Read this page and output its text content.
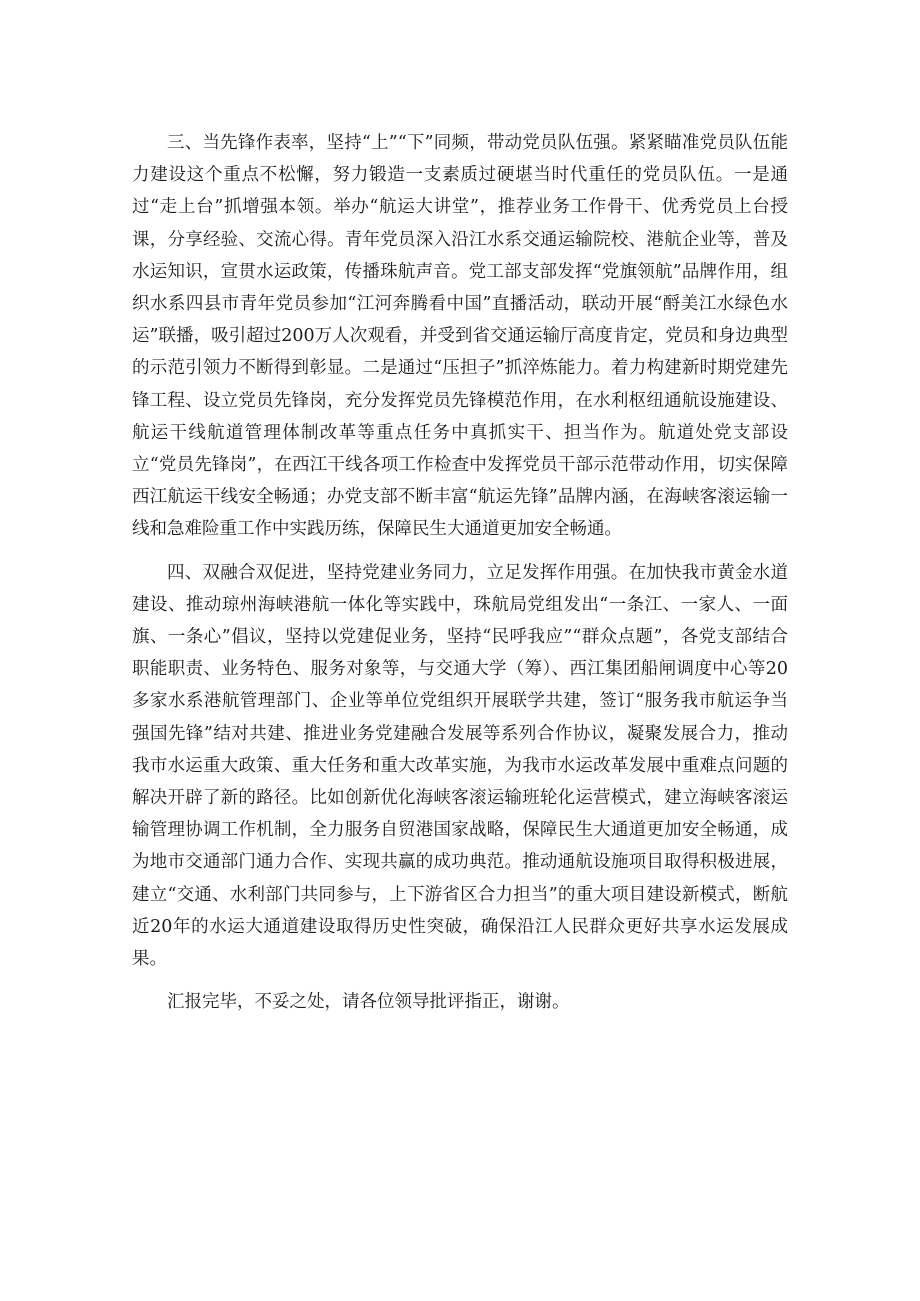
三、当先锋作表率，坚持“上”“下”同频，带动党员队伍强。紧紧瞄准党员队伍能力建设这个重点不松懈，努力锻造一支素质过硬堪当时代重任的党员队伍。一是通过“走上台”抓增强本领。举办“航运大讲堂”，推荐业务工作骨干、优秀党员上台授课，分享经验、交流心得。青年党员深入沿江水系交通运输院校、港航企业等，普及水运知识，宣贯水运政策，传播珠航声音。党工部支部发挥“党旗领航”品牌作用，组织水系四县市青年党员参加“江河奔腾看中国”直播活动，联动开展“酹美江水绿色水运”联播，吸引超过200万人次观看，并受到省交通运输厅高度肯定，党员和身边典型的示范引领力不断得到彰显。二是通过“压担子”抓淬炼能力。着力构建新时期党建先锋工程、设立党员先锋岗，充分发挥党员先锋模范作用，在水利枢纽通航设施建设、航运干线航道管理体制改革等重点任务中真抓实干、担当作为。航道处党支部设立“党员先锋岗”，在西江干线各项工作检查中发挥党员干部示范带动作用，切实保障西江航运干线安全畅通；办党支部不断丰富“航运先锋”品牌内涵，在海峡客滚运输一线和急难险重工作中实践历练，保障民生大通道更加安全畅通。

四、双融合双促进，坚持党建业务同力，立足发挥作用强。在加快我市黄金水道建设、推动琼州海峡港航一体化等实践中，珠航局党组发出“一条江、一家人、一面旗、一条心”倡议，坚持以党建促业务，坚持“民呼我应”“群众点题”，各党支部结合职能职责、业务特色、服务对象等，与交通大学（筹）、西江集团船闸调度中心等20多家水系港航管理部门、企业等单位党组织开展联学共建，签订“服务我市航运争当强国先锋”结对共建、推进业务党建融合发展等系列合作协议，凝聚发展合力，推动我市水运重大政策、重大任务和重大改革实施，为我市水运改革发展中重难点问题的解决开辟了新的路径。比如创新优化海峡客滚运输班轮化运营模式，建立海峡客滚运输管理协调工作机制，全力服务自贸港国家战略，保障民生大通道更加安全畅通，成为地市交通部门通力合作、实现共赢的成功典范。推动通航设施项目取得积极进展，建立“交通、水利部门共同参与，上下游省区合力担当”的重大项目建设新模式，断航近20年的水运大通道建设取得历史性突破，确保沿江人民群众更好共享水运发展成果。

汇报完毕，不妥之处，请各位领导批评指正，谢谢。
